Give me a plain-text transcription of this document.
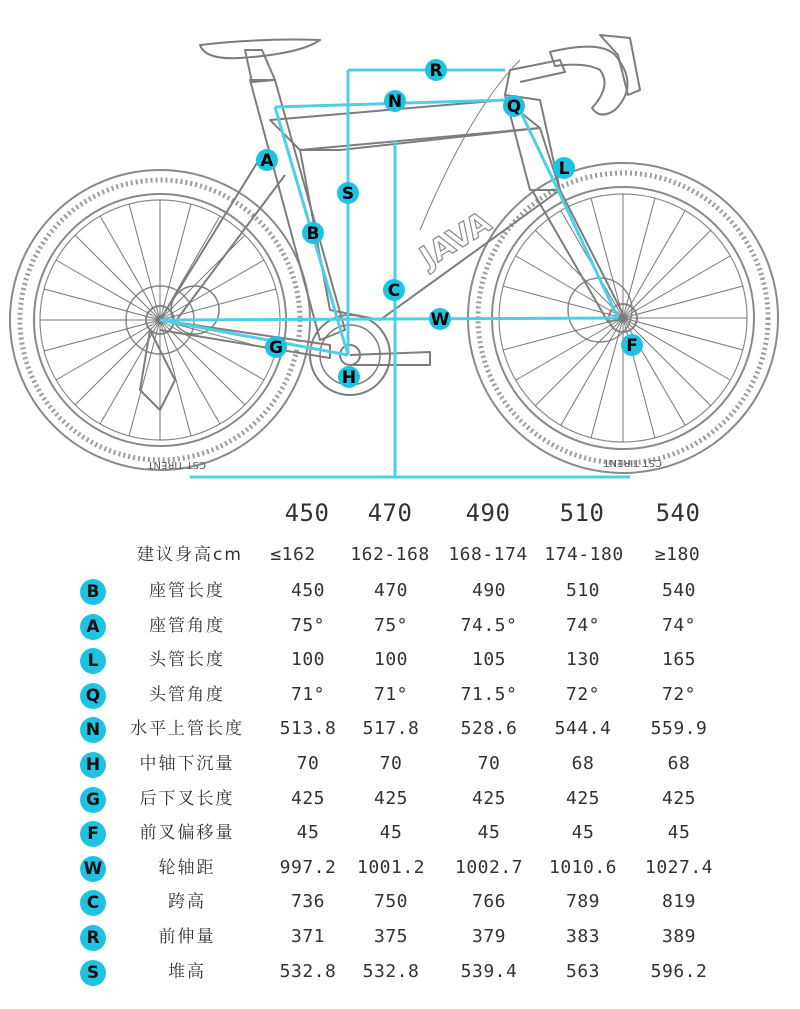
CST TIRENT	CST TIRENT
JAVA
A
B
C
F
G
H
L
N	Q
R
S
W
450	470	490	510	540
建议身高cm	≤162	162-168	168-174 174-180	≥180
B	座管长度	450	470	490	510	540
A	座管角度	75°	75°	74.5°	74°	74°
L	头管长度	100	100	105	130	165
Q	头管角度	71°	71°	71.5°	72°	72°
N	水平上管长度	513.8	517.8	528.6	544.4	559.9
H	中轴下沉量	70	70	70	68	68
G	后下叉长度	425	425	425	425	425
F	前叉偏移量	45	45	45	45	45
W	轮轴距	997.2	1001.2 1002.7 1010.6 1027.4
C	跨高	736	750	766	789	819
R	前伸量	371	375	379	383	389
S	堆高	532.8	532.8	539.4	563	596.2
